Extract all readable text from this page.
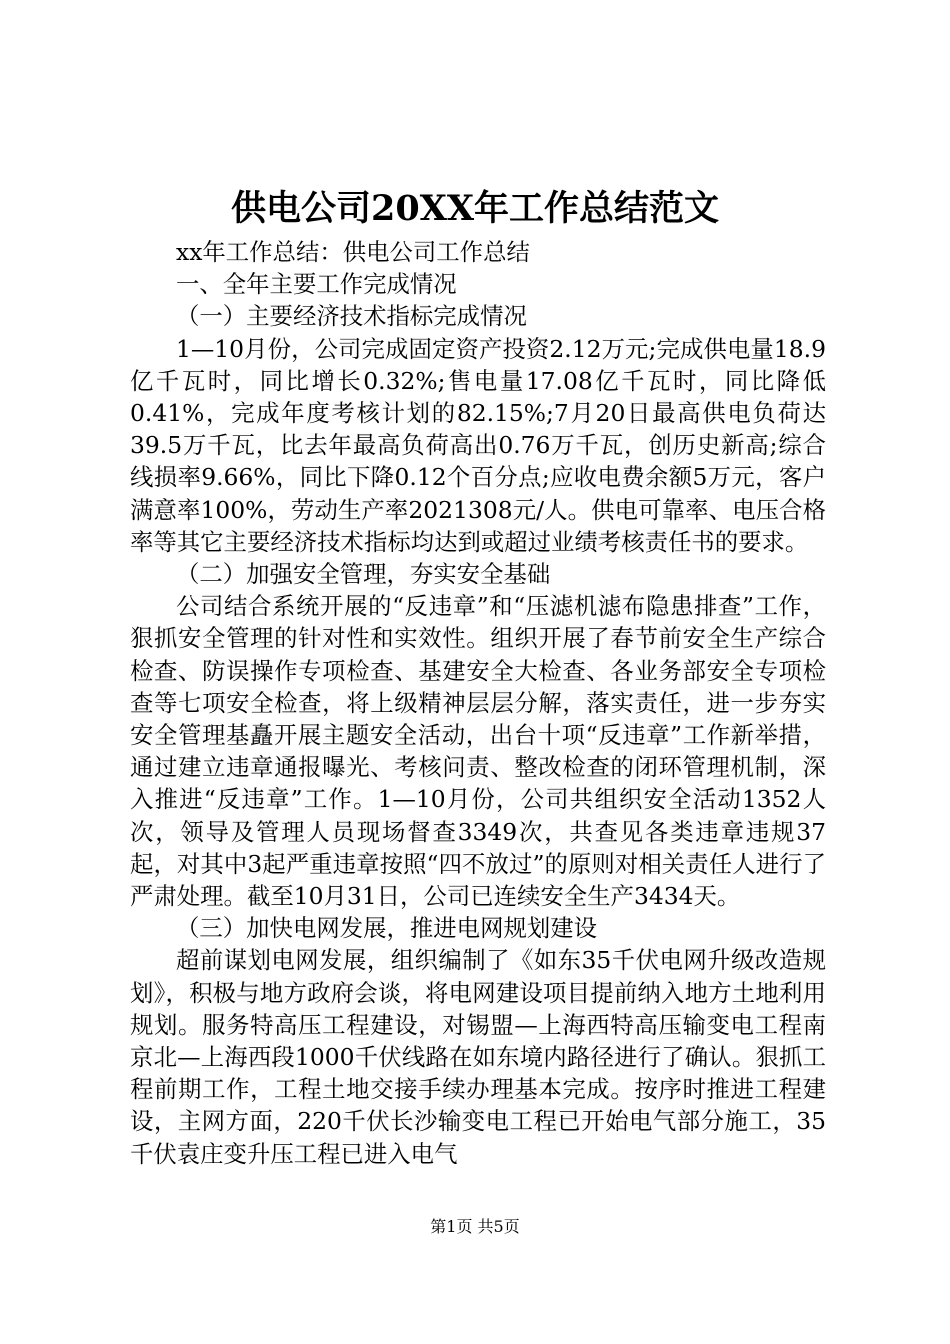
供电公司20XX年工作总结范文

xx年工作总结：供电公司工作总结

一、全年主要工作完成情况

（一）主要经济技术指标完成情况

1—10月份，公司完成固定资产投资2.12万元;完成供电量18.9亿千瓦时，同比增长0.32%;售电量17.08亿千瓦时，同比降低0.41%，完成年度考核计划的82.15%;7月20日最高供电负荷达39.5万千瓦，比去年最高负荷高出0.76万千瓦，创历史新高;综合线损率9.66%，同比下降0.12个百分点;应收电费余额5万元，客户满意率100%，劳动生产率2021308元/人。供电可靠率、电压合格率等其它主要经济技术指标均达到或超过业绩考核责任书的要求。

（二）加强安全管理，夯实安全基础

公司结合系统开展的“反违章”和“压滤机滤布隐患排查”工作，狠抓安全管理的针对性和实效性。组织开展了春节前安全生产综合检查、防误操作专项检查、基建安全大检查、各业务部安全专项检查等七项安全检查，将上级精神层层分解，落实责任，进一步夯实安全管理基矗开展主题安全活动，出台十项“反违章”工作新举措，通过建立违章通报曝光、考核问责、整改检查的闭环管理机制，深入推进“反违章”工作。1—10月份，公司共组织安全活动1352人次，领导及管理人员现场督查3349次，共查见各类违章违规37起，对其中3起严重违章按照“四不放过”的原则对相关责任人进行了严肃处理。截至10月31日，公司已连续安全生产3434天。

（三）加快电网发展，推进电网规划建设

超前谋划电网发展，组织编制了《如东35千伏电网升级改造规划》，积极与地方政府会谈，将电网建设项目提前纳入地方土地利用规划。服务特高压工程建设，对锡盟—上海西特高压输变电工程南京北—上海西段1000千伏线路在如东境内路径进行了确认。狠抓工程前期工作，工程土地交接手续办理基本完成。按序时推进工程建设，主网方面，220千伏长沙输变电工程已开始电气部分施工，35千伏袁庄变升压工程已进入电气

第1页 共5页
